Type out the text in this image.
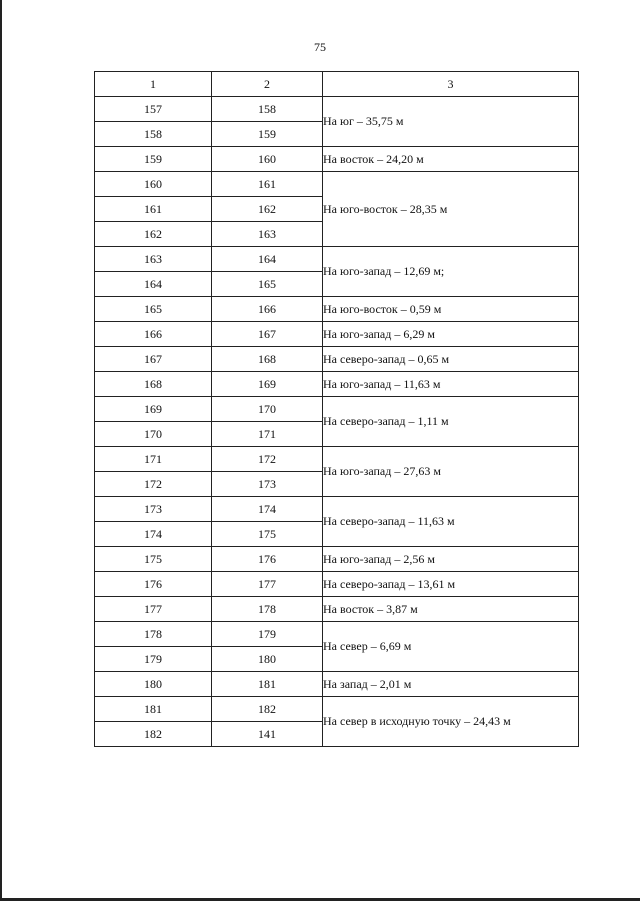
75
1	2	3
157	158	На юг – 35,75 м
158	159	
159	160	На восток – 24,20 м
160	161	На юго-восток – 28,35 м
161	162	
162	163	
163	164	На юго-запад – 12,69 м;
164	165	
165	166	На юго-восток – 0,59 м
166	167	На юго-запад – 6,29 м
167	168	На северо-запад – 0,65 м
168	169	На юго-запад – 11,63 м
169	170	На северо-запад – 1,11 м
170	171	
171	172	На юго-запад – 27,63 м
172	173	
173	174	На северо-запад – 11,63 м
174	175	
175	176	На юго-запад – 2,56 м
176	177	На северо-запад – 13,61 м
177	178	На восток – 3,87 м
178	179	На север – 6,69 м
179	180	
180	181	На запад – 2,01 м
181	182	На север в исходную точку – 24,43 м
182	141	
